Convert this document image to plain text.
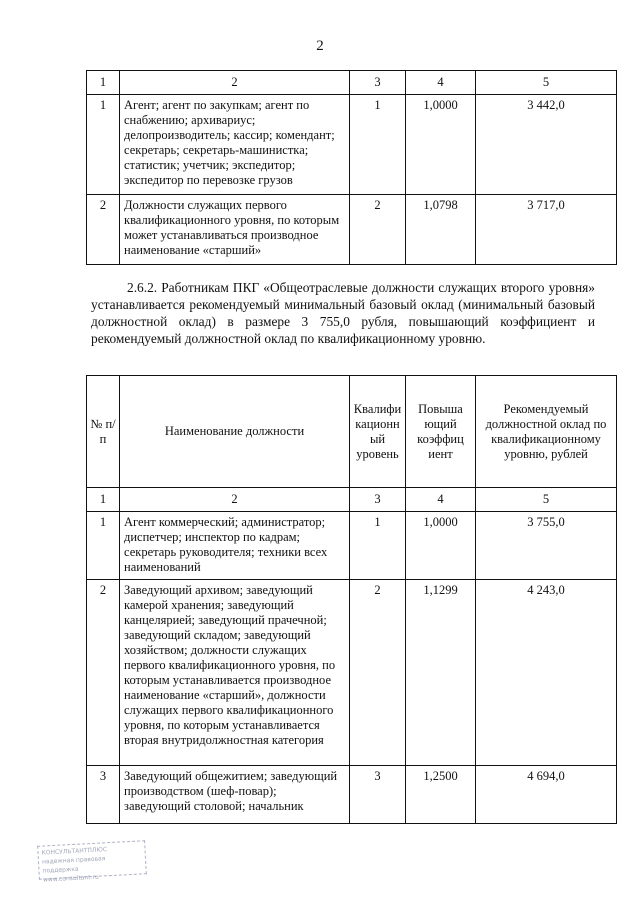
2
1	2	3	4	5
1	Агент; агент по закупкам; агент по снабжению; архивариус; делопроизводитель; кассир; комендант; секретарь; секретарь-машинистка; статистик; учетчик; экспедитор; экспедитор по перевозке грузов	1	1,0000	3 442,0
2	Должности служащих первого квалификационного уровня, по которым может устанавливаться производное наименование «старший»	2	1,0798	3 717,0
2.6.2. Работникам ПКГ «Общеотраслевые должности служащих второго уровня» устанавливается рекомендуемый минимальный базовый оклад (минимальный базовый должностной оклад) в размере 3 755,0 рубля, повышающий коэффициент и рекомендуемый должностной оклад по квалификационному уровню.
№ п/п	Наименование должности	Квалифи кационн ый уровень	Повыша ющий коэффиц иент	Рекомендуемый должностной оклад по квалификационному уровню, рублей
1	2	3	4	5
1	Агент коммерческий; администратор; диспетчер; инспектор по кадрам; секретарь руководителя; техники всех наименований	1	1,0000	3 755,0
2	Заведующий архивом; заведующий камерой хранения; заведующий канцелярией; заведующий прачечной; заведующий складом; заведующий хозяйством; должности служащих первого квалификационного уровня, по которым устанавливается производное наименование «старший», должности служащих первого квалификационного уровня, по которым устанавливается вторая внутридолжностная категория	2	1,1299	4 243,0
3	Заведующий общежитием; заведующий производством (шеф-повар); заведующий столовой; начальник	3	1,2500	4 694,0
КОНСУЛЬТАНТПЛЮС
надежная правовая поддержка
www.consultant.ru
